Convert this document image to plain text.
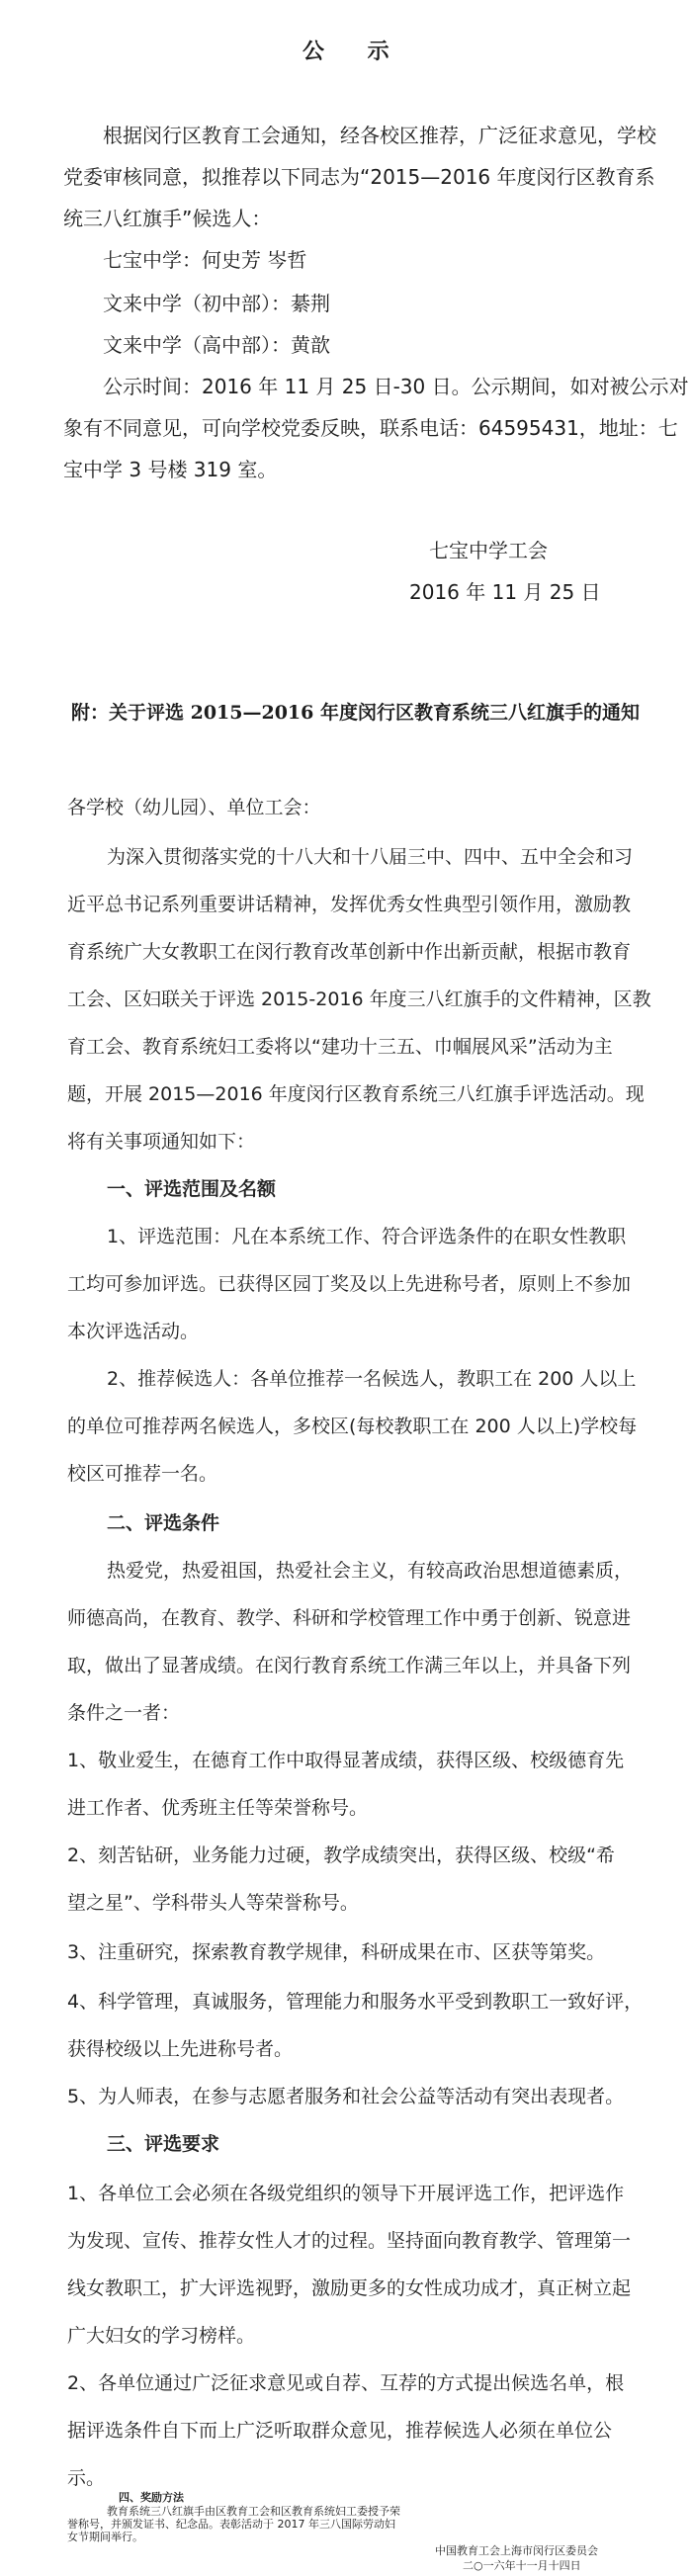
公 示
根据闵行区教育工会通知，经各校区推荐，广泛征求意见，学校
党委审核同意，拟推荐以下同志为“2015—2016 年度闵行区教育系
统三八红旗手”候选人：
七宝中学：何史芳 岑哲
文来中学（初中部）：綦荆
文来中学（高中部）：黄歆
公示时间：2016 年 11 月 25 日-30 日。公示期间，如对被公示对
象有不同意见，可向学校党委反映，联系电话：64595431，地址：七
宝中学 3 号楼 319 室。
七宝中学工会
2016 年 11 月 25 日
附：关于评选 2015—2016 年度闵行区教育系统三八红旗手的通知
各学校（幼儿园）、单位工会：
为深入贯彻落实党的十八大和十八届三中、四中、五中全会和习
近平总书记系列重要讲话精神，发挥优秀女性典型引领作用，激励教
育系统广大女教职工在闵行教育改革创新中作出新贡献，根据市教育
工会、区妇联关于评选 2015-2016 年度三八红旗手的文件精神，区教
育工会、教育系统妇工委将以“建功十三五、巾帼展风采”活动为主
题，开展 2015—2016 年度闵行区教育系统三八红旗手评选活动。现
将有关事项通知如下：
一、评选范围及名额
1、评选范围：凡在本系统工作、符合评选条件的在职女性教职
工均可参加评选。已获得区园丁奖及以上先进称号者，原则上不参加
本次评选活动。
2、推荐候选人：各单位推荐一名候选人，教职工在 200 人以上
的单位可推荐两名候选人，多校区(每校教职工在 200 人以上)学校每
校区可推荐一名。
二、评选条件
热爱党，热爱祖国，热爱社会主义，有较高政治思想道德素质，
师德高尚，在教育、教学、科研和学校管理工作中勇于创新、锐意进
取，做出了显著成绩。在闵行教育系统工作满三年以上，并具备下列
条件之一者：
1、敬业爱生，在德育工作中取得显著成绩，获得区级、校级德育先
进工作者、优秀班主任等荣誉称号。
2、刻苦钻研，业务能力过硬，教学成绩突出，获得区级、校级“希
望之星”、学科带头人等荣誉称号。
3、注重研究，探索教育教学规律，科研成果在市、区获等第奖。
4、科学管理，真诚服务，管理能力和服务水平受到教职工一致好评，
获得校级以上先进称号者。
5、为人师表，在参与志愿者服务和社会公益等活动有突出表现者。
三、评选要求
1、各单位工会必须在各级党组织的领导下开展评选工作，把评选作
为发现、宣传、推荐女性人才的过程。坚持面向教育教学、管理第一
线女教职工，扩大评选视野，激励更多的女性成功成才，真正树立起
广大妇女的学习榜样。
2、各单位通过广泛征求意见或自荐、互荐的方式提出候选名单，根
据评选条件自下而上广泛听取群众意见，推荐候选人必须在单位公
示。
四、奖励方法
教育系统三八红旗手由区教育工会和区教育系统妇工委授予荣
誉称号，并颁发证书、纪念品。表彰活动于 2017 年三八国际劳动妇
女节期间举行。
中国教育工会上海市闵行区委员会
二○一六年十一月十四日
